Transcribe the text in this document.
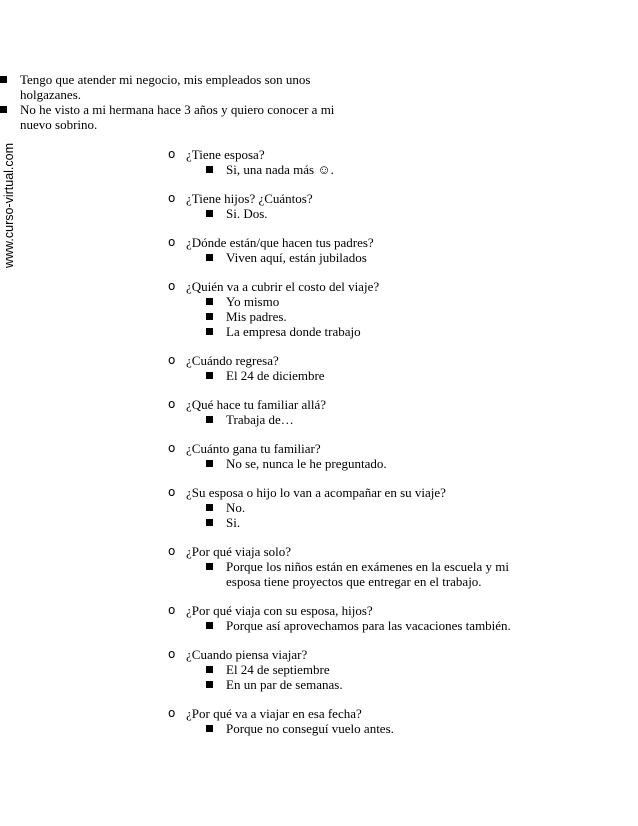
www.curso-virtual.com
Tengo que atender mi negocio, mis empleados son unos holgazanes.
No he visto a mi hermana hace 3 años y quiero conocer a mi nuevo sobrino.
o ¿Tiene esposa?
Si, una nada más ☺.
o ¿Tiene hijos? ¿Cuántos?
Si. Dos.
o ¿Dónde están/que hacen tus padres?
Viven aquí, están jubilados
o ¿Quién va a cubrir el costo del viaje?
Yo mismo
Mis padres.
La empresa donde trabajo
o ¿Cuándo regresa?
El 24 de diciembre
o ¿Qué hace tu familiar allá?
Trabaja de…
o ¿Cuánto gana tu familiar?
No se, nunca le he preguntado.
o ¿Su esposa o hijo lo van a acompañar en su viaje?
No.
Si.
o ¿Por qué viaja solo?
Porque los niños están en exámenes en la escuela y mi esposa tiene proyectos que entregar en el trabajo.
o ¿Por qué viaja con su esposa, hijos?
Porque así aprovechamos para las vacaciones también.
o ¿Cuando piensa viajar?
El 24 de septiembre
En un par de semanas.
o ¿Por qué va a viajar en esa fecha?
Porque no conseguí vuelo antes.
